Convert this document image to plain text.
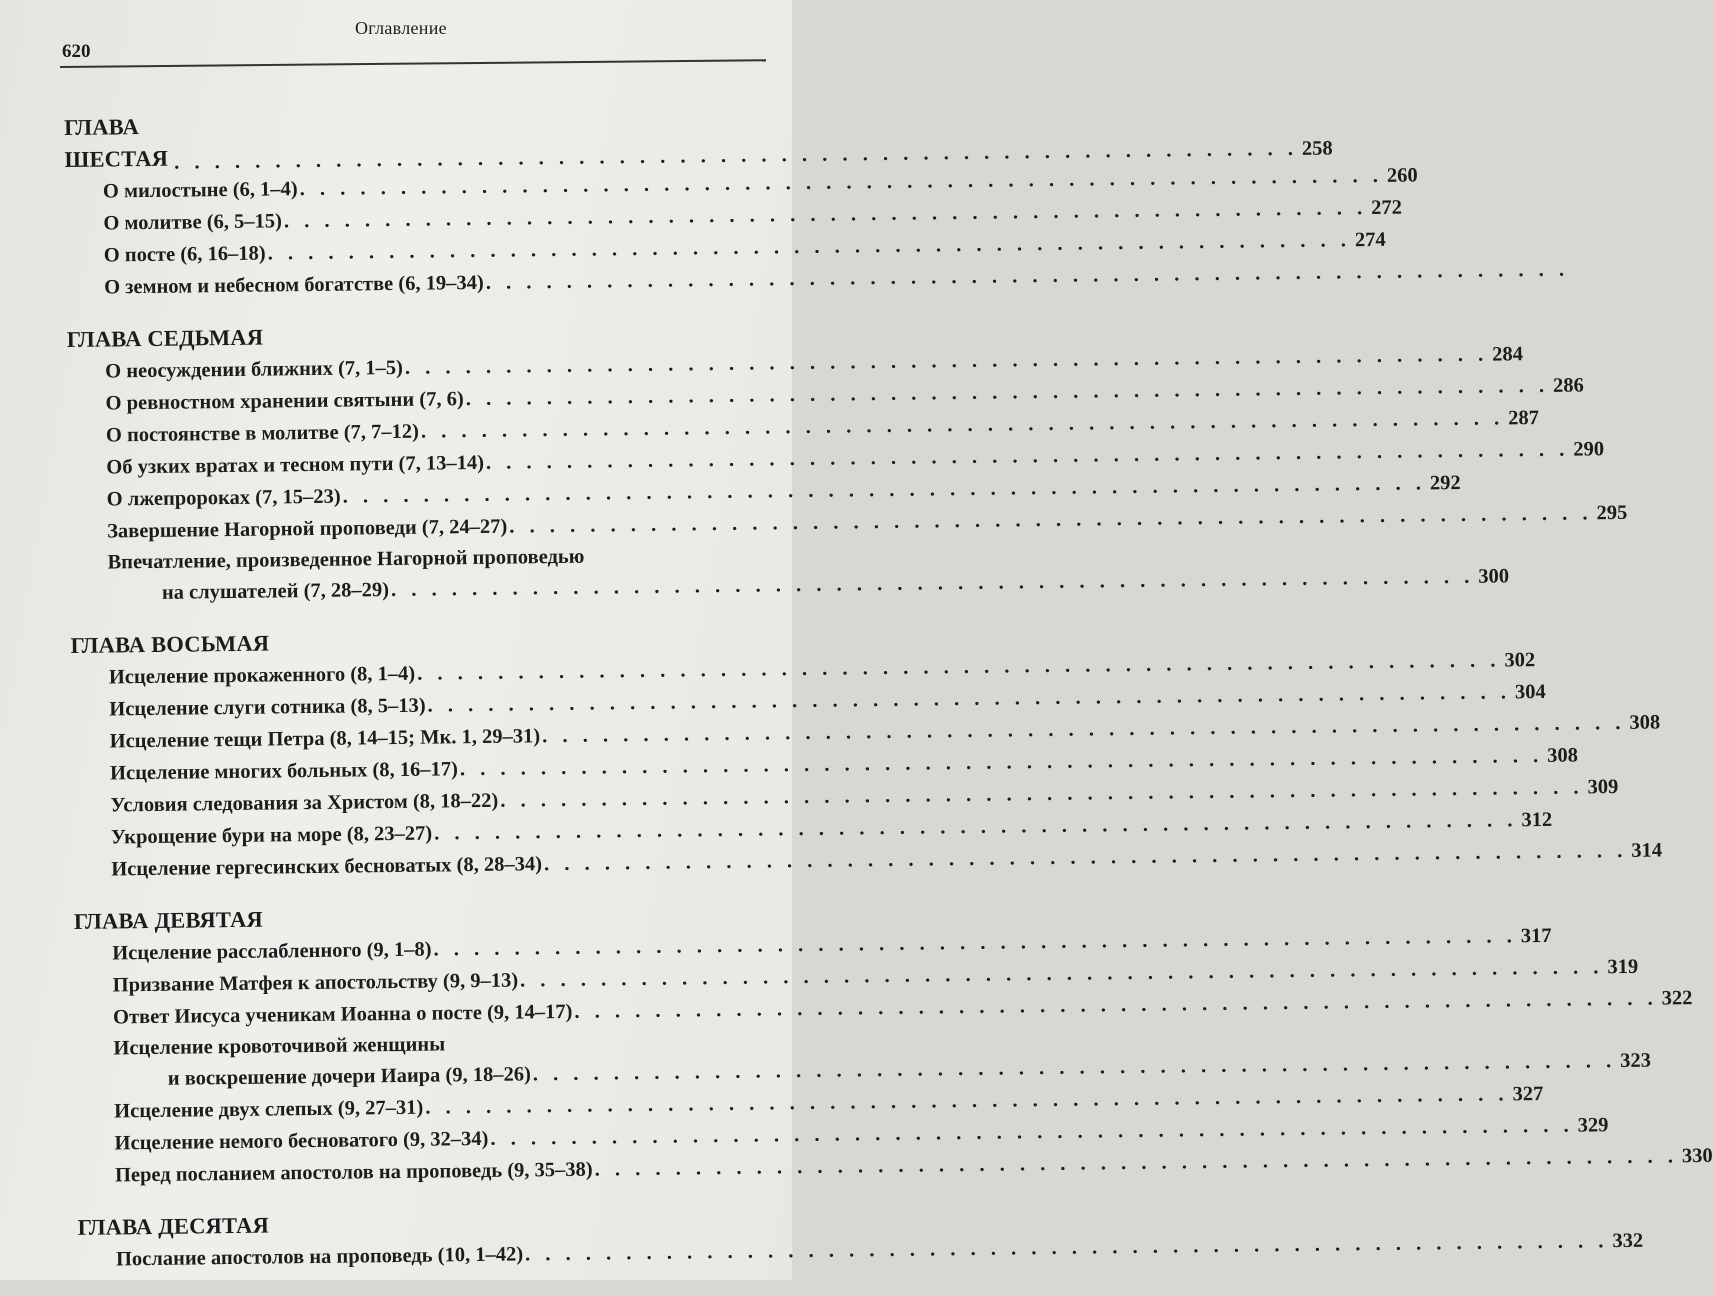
Оглавление
620
ГЛАВА ШЕСТАЯ . . . . . . . . . . . . . . . . . . . . . . . . . . . . . . . . . . . . . . . . . . . . . . . . . . . . . . . . 258
О милостыне (6, 1–4) . . . . . . . . . . . . . . . . . . . . . . . . . . . . . . . . . . . . . . . . . . . . . . . . . . . . . . 260
О молитве (6, 5–15) . . . . . . . . . . . . . . . . . . . . . . . . . . . . . . . . . . . . . . . . . . . . . . . . . . . . . . 272
О посте (6, 16–18) . . . . . . . . . . . . . . . . . . . . . . . . . . . . . . . . . . . . . . . . . . . . . . . . . . . . . . 274
О земном и небесном богатстве (6, 19–34) . . . . . . . . . . . . . . . . . . . . . . . . . . . . . . . . . . . . . . . . . . . . . . . . . . . . . .
ГЛАВА СЕДЬМАЯ
О неосуждении ближних (7, 1–5) . . . . . . . . . . . . . . . . . . . . . . . . . . . . . . . . . . . . . . . . . . . . . . . . . . . . . . 284
О ревностном хранении святыни (7, 6) . . . . . . . . . . . . . . . . . . . . . . . . . . . . . . . . . . . . . . . . . . . . . . . . . . . . . . 286
О постоянстве в молитве (7, 7–12) . . . . . . . . . . . . . . . . . . . . . . . . . . . . . . . . . . . . . . . . . . . . . . . . . . . . . . 287
Об узких вратах и тесном пути (7, 13–14) . . . . . . . . . . . . . . . . . . . . . . . . . . . . . . . . . . . . . . . . . . . . . . . . . . . . . . 290
О лжепророках (7, 15–23) . . . . . . . . . . . . . . . . . . . . . . . . . . . . . . . . . . . . . . . . . . . . . . . . . . . . . . 292
Завершение Нагорной проповеди (7, 24–27) . . . . . . . . . . . . . . . . . . . . . . . . . . . . . . . . . . . . . . . . . . . . . . . . . . . . . . 295
Впечатление, произведенное Нагорной проповедью
на слушателей (7, 28–29) . . . . . . . . . . . . . . . . . . . . . . . . . . . . . . . . . . . . . . . . . . . . . . . . . . . . . . 300
ГЛАВА ВОСЬМАЯ
Исцеление прокаженного (8, 1–4) . . . . . . . . . . . . . . . . . . . . . . . . . . . . . . . . . . . . . . . . . . . . . . . . . . . . . . 302
Исцеление слуги сотника (8, 5–13) . . . . . . . . . . . . . . . . . . . . . . . . . . . . . . . . . . . . . . . . . . . . . . . . . . . . . . 304
Исцеление тещи Петра (8, 14–15; Мк. 1, 29–31) . . . . . . . . . . . . . . . . . . . . . . . . . . . . . . . . . . . . . . . . . . . . . . . . . . . . . . 308
Исцеление многих больных (8, 16–17) . . . . . . . . . . . . . . . . . . . . . . . . . . . . . . . . . . . . . . . . . . . . . . . . . . . . . . 308
Условия следования за Христом (8, 18–22) . . . . . . . . . . . . . . . . . . . . . . . . . . . . . . . . . . . . . . . . . . . . . . . . . . . . . . 309
Укрощение бури на море (8, 23–27) . . . . . . . . . . . . . . . . . . . . . . . . . . . . . . . . . . . . . . . . . . . . . . . . . . . . . . 312
Исцеление гергесинских бесноватых (8, 28–34) . . . . . . . . . . . . . . . . . . . . . . . . . . . . . . . . . . . . . . . . . . . . . . . . . . . . . . 314
ГЛАВА ДЕВЯТАЯ
Исцеление расслабленного (9, 1–8) . . . . . . . . . . . . . . . . . . . . . . . . . . . . . . . . . . . . . . . . . . . . . . . . . . . . . . 317
Призвание Матфея к апостольству (9, 9–13) . . . . . . . . . . . . . . . . . . . . . . . . . . . . . . . . . . . . . . . . . . . . . . . . . . . . . . 319
Ответ Иисуса ученикам Иоанна о посте (9, 14–17) . . . . . . . . . . . . . . . . . . . . . . . . . . . . . . . . . . . . . . . . . . . . . . . . . . . . . . 322
Исцеление кровоточивой женщины
и воскрешение дочери Иаира (9, 18–26) . . . . . . . . . . . . . . . . . . . . . . . . . . . . . . . . . . . . . . . . . . . . . . . . . . . . . . 323
Исцеление двух слепых (9, 27–31) . . . . . . . . . . . . . . . . . . . . . . . . . . . . . . . . . . . . . . . . . . . . . . . . . . . . . . 327
Исцеление немого бесноватого (9, 32–34) . . . . . . . . . . . . . . . . . . . . . . . . . . . . . . . . . . . . . . . . . . . . . . . . . . . . . . 329
Перед посланием апостолов на проповедь (9, 35–38) . . . . . . . . . . . . . . . . . . . . . . . . . . . . . . . . . . . . . . . . . . . . . . . . . . . . . . 330
ГЛАВА ДЕСЯТАЯ
Послание апостолов на проповедь (10, 1–42) . . . . . . . . . . . . . . . . . . . . . . . . . . . . . . . . . . . . . . . . . . . . . . . . . . . . . . 332
